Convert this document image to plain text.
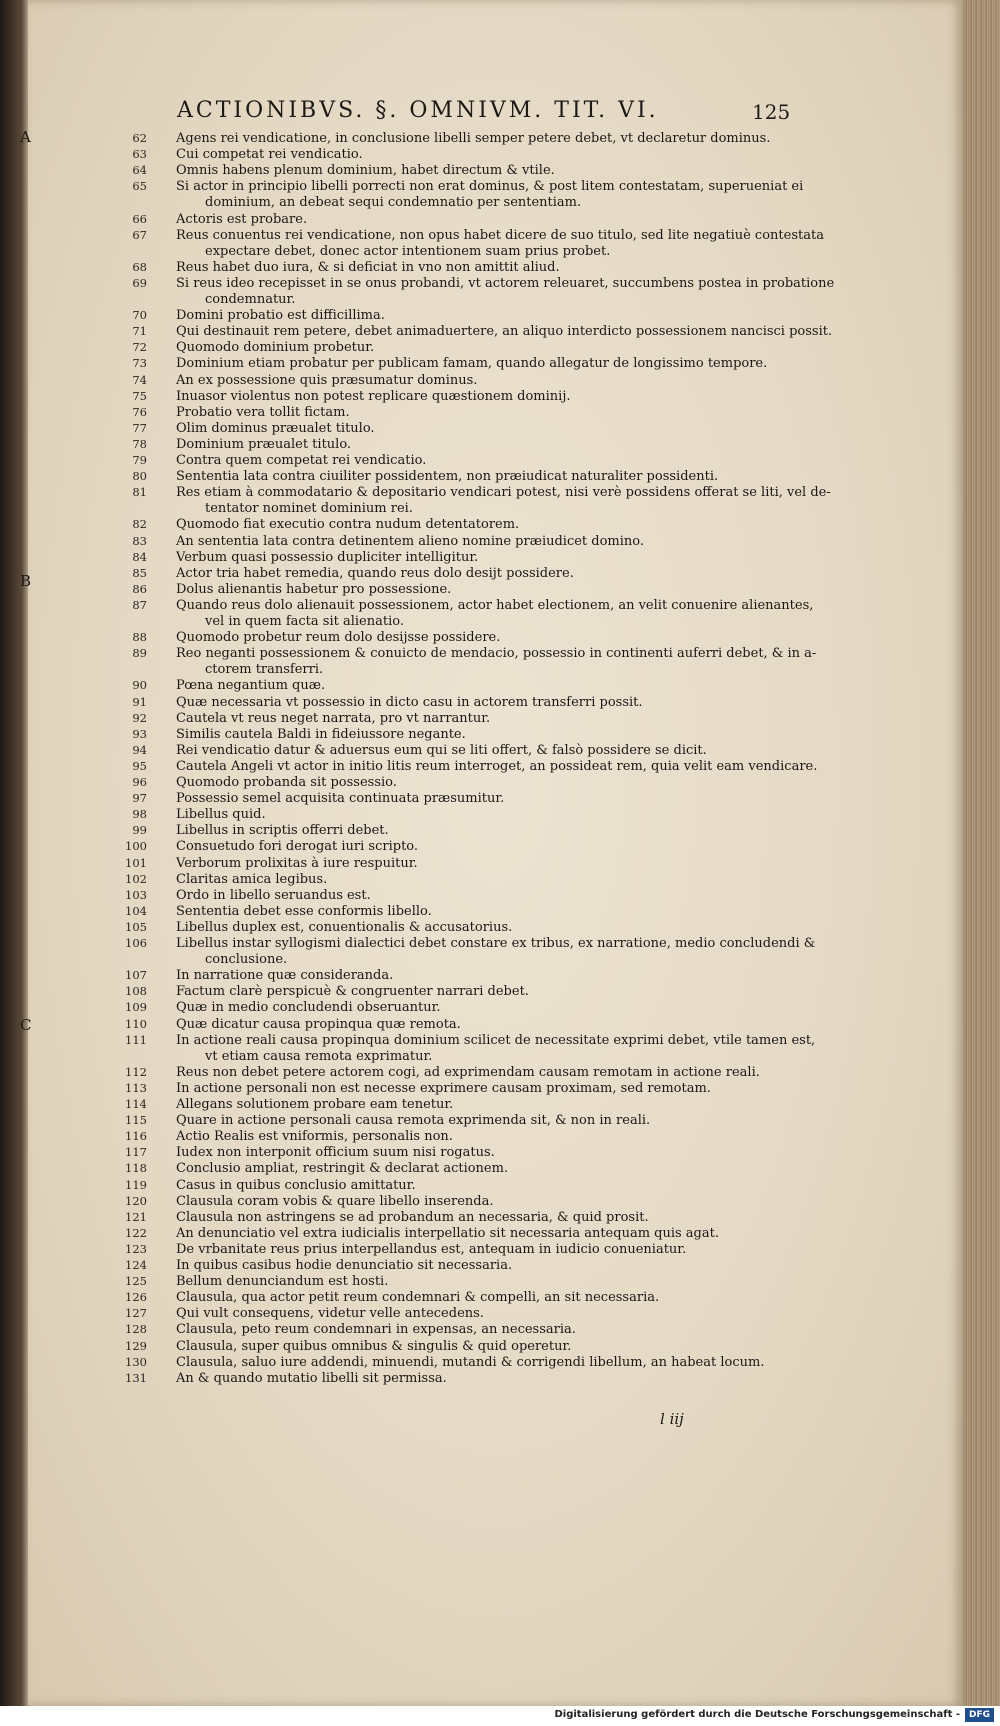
ACTIONIBVS. §. OMNIVM. TIT. VI.	125
A
B
C
62 Agens rei vendicatione, in conclusione libelli semper petere debet, vt declaretur dominus.
63 Cui competat rei vendicatio.
64 Omnis habens plenum dominium, habet directum & vtile.
65 Si actor in principio libelli porrecti non erat dominus, & post litem contestatam, superueniat ei
dominium, an debeat sequi condemnatio per sententiam.
66 Actoris est probare.
67 Reus conuentus rei vendicatione, non opus habet dicere de suo titulo, sed lite negatiuè contestata
expectare debet, donec actor intentionem suam prius probet.
68 Reus habet duo iura, & si deficiat in vno non amittit aliud.
69 Si reus ideo recepisset in se onus probandi, vt actorem releuaret, succumbens postea in probatione
condemnatur.
70 Domini probatio est difficillima.
71 Qui destinauit rem petere, debet animaduertere, an aliquo interdicto possessionem nancisci possit.
72 Quomodo dominium probetur.
73 Dominium etiam probatur per publicam famam, quando allegatur de longissimo tempore.
74 An ex possessione quis præsumatur dominus.
75 Inuasor violentus non potest replicare quæstionem dominij.
76 Probatio vera tollit fictam.
77 Olim dominus præualet titulo.
78 Dominium præualet titulo.
79 Contra quem competat rei vendicatio.
80 Sententia lata contra ciuiliter possidentem, non præiudicat naturaliter possidenti.
81 Res etiam à commodatario & depositario vendicari potest, nisi verè possidens offerat se liti, vel de-
tentator nominet dominium rei.
82 Quomodo fiat executio contra nudum detentatorem.
83 An sententia lata contra detinentem alieno nomine præiudicet domino.
84 Verbum quasi possessio dupliciter intelligitur.
85 Actor tria habet remedia, quando reus dolo desijt possidere.
86 Dolus alienantis habetur pro possessione.
87 Quando reus dolo alienauit possessionem, actor habet electionem, an velit conuenire alienantes,
vel in quem facta sit alienatio.
88 Quomodo probetur reum dolo desijsse possidere.
89 Reo neganti possessionem & conuicto de mendacio, possessio in continenti auferri debet, & in a-
ctorem transferri.
90 Pœna negantium quæ.
91 Quæ necessaria vt possessio in dicto casu in actorem transferri possit.
92 Cautela vt reus neget narrata, pro vt narrantur.
93 Similis cautela Baldi in fideiussore negante.
94 Rei vendicatio datur & aduersus eum qui se liti offert, & falsò possidere se dicit.
95 Cautela Angeli vt actor in initio litis reum interroget, an possideat rem, quia velit eam vendicare.
96 Quomodo probanda sit possessio.
97 Possessio semel acquisita continuata præsumitur.
98 Libellus quid.
99 Libellus in scriptis offerri debet.
100 Consuetudo fori derogat iuri scripto.
101 Verborum prolixitas à iure respuitur.
102 Claritas amica legibus.
103 Ordo in libello seruandus est.
104 Sententia debet esse conformis libello.
105 Libellus duplex est, conuentionalis & accusatorius.
106 Libellus instar syllogismi dialectici debet constare ex tribus, ex narratione, medio concludendi &
conclusione.
107 In narratione quæ consideranda.
108 Factum clarè perspicuè & congruenter narrari debet.
109 Quæ in medio concludendi obseruantur.
110 Quæ dicatur causa propinqua quæ remota.
111 In actione reali causa propinqua dominium scilicet de necessitate exprimi debet, vtile tamen est,
vt etiam causa remota exprimatur.
112 Reus non debet petere actorem cogi, ad exprimendam causam remotam in actione reali.
113 In actione personali non est necesse exprimere causam proximam, sed remotam.
114 Allegans solutionem probare eam tenetur.
115 Quare in actione personali causa remota exprimenda sit, & non in reali.
116 Actio Realis est vniformis, personalis non.
117 Iudex non interponit officium suum nisi rogatus.
118 Conclusio ampliat, restringit & declarat actionem.
119 Casus in quibus conclusio amittatur.
120 Clausula coram vobis & quare libello inserenda.
121 Clausula non astringens se ad probandum an necessaria, & quid prosit.
122 An denunciatio vel extra iudicialis interpellatio sit necessaria antequam quis agat.
123 De vrbanitate reus prius interpellandus est, antequam in iudicio conueniatur.
124 In quibus casibus hodie denunciatio sit necessaria.
125 Bellum denunciandum est hosti.
126 Clausula, qua actor petit reum condemnari & compelli, an sit necessaria.
127 Qui vult consequens, videtur velle antecedens.
128 Clausula, peto reum condemnari in expensas, an necessaria.
129 Clausula, super quibus omnibus & singulis & quid operetur.
130 Clausula, saluo iure addendi, minuendi, mutandi & corrigendi libellum, an habeat locum.
131 An & quando mutatio libelli sit permissa.
l iij
Digitalisierung gefördert durch die Deutsche Forschungsgemeinschaft - DFG
